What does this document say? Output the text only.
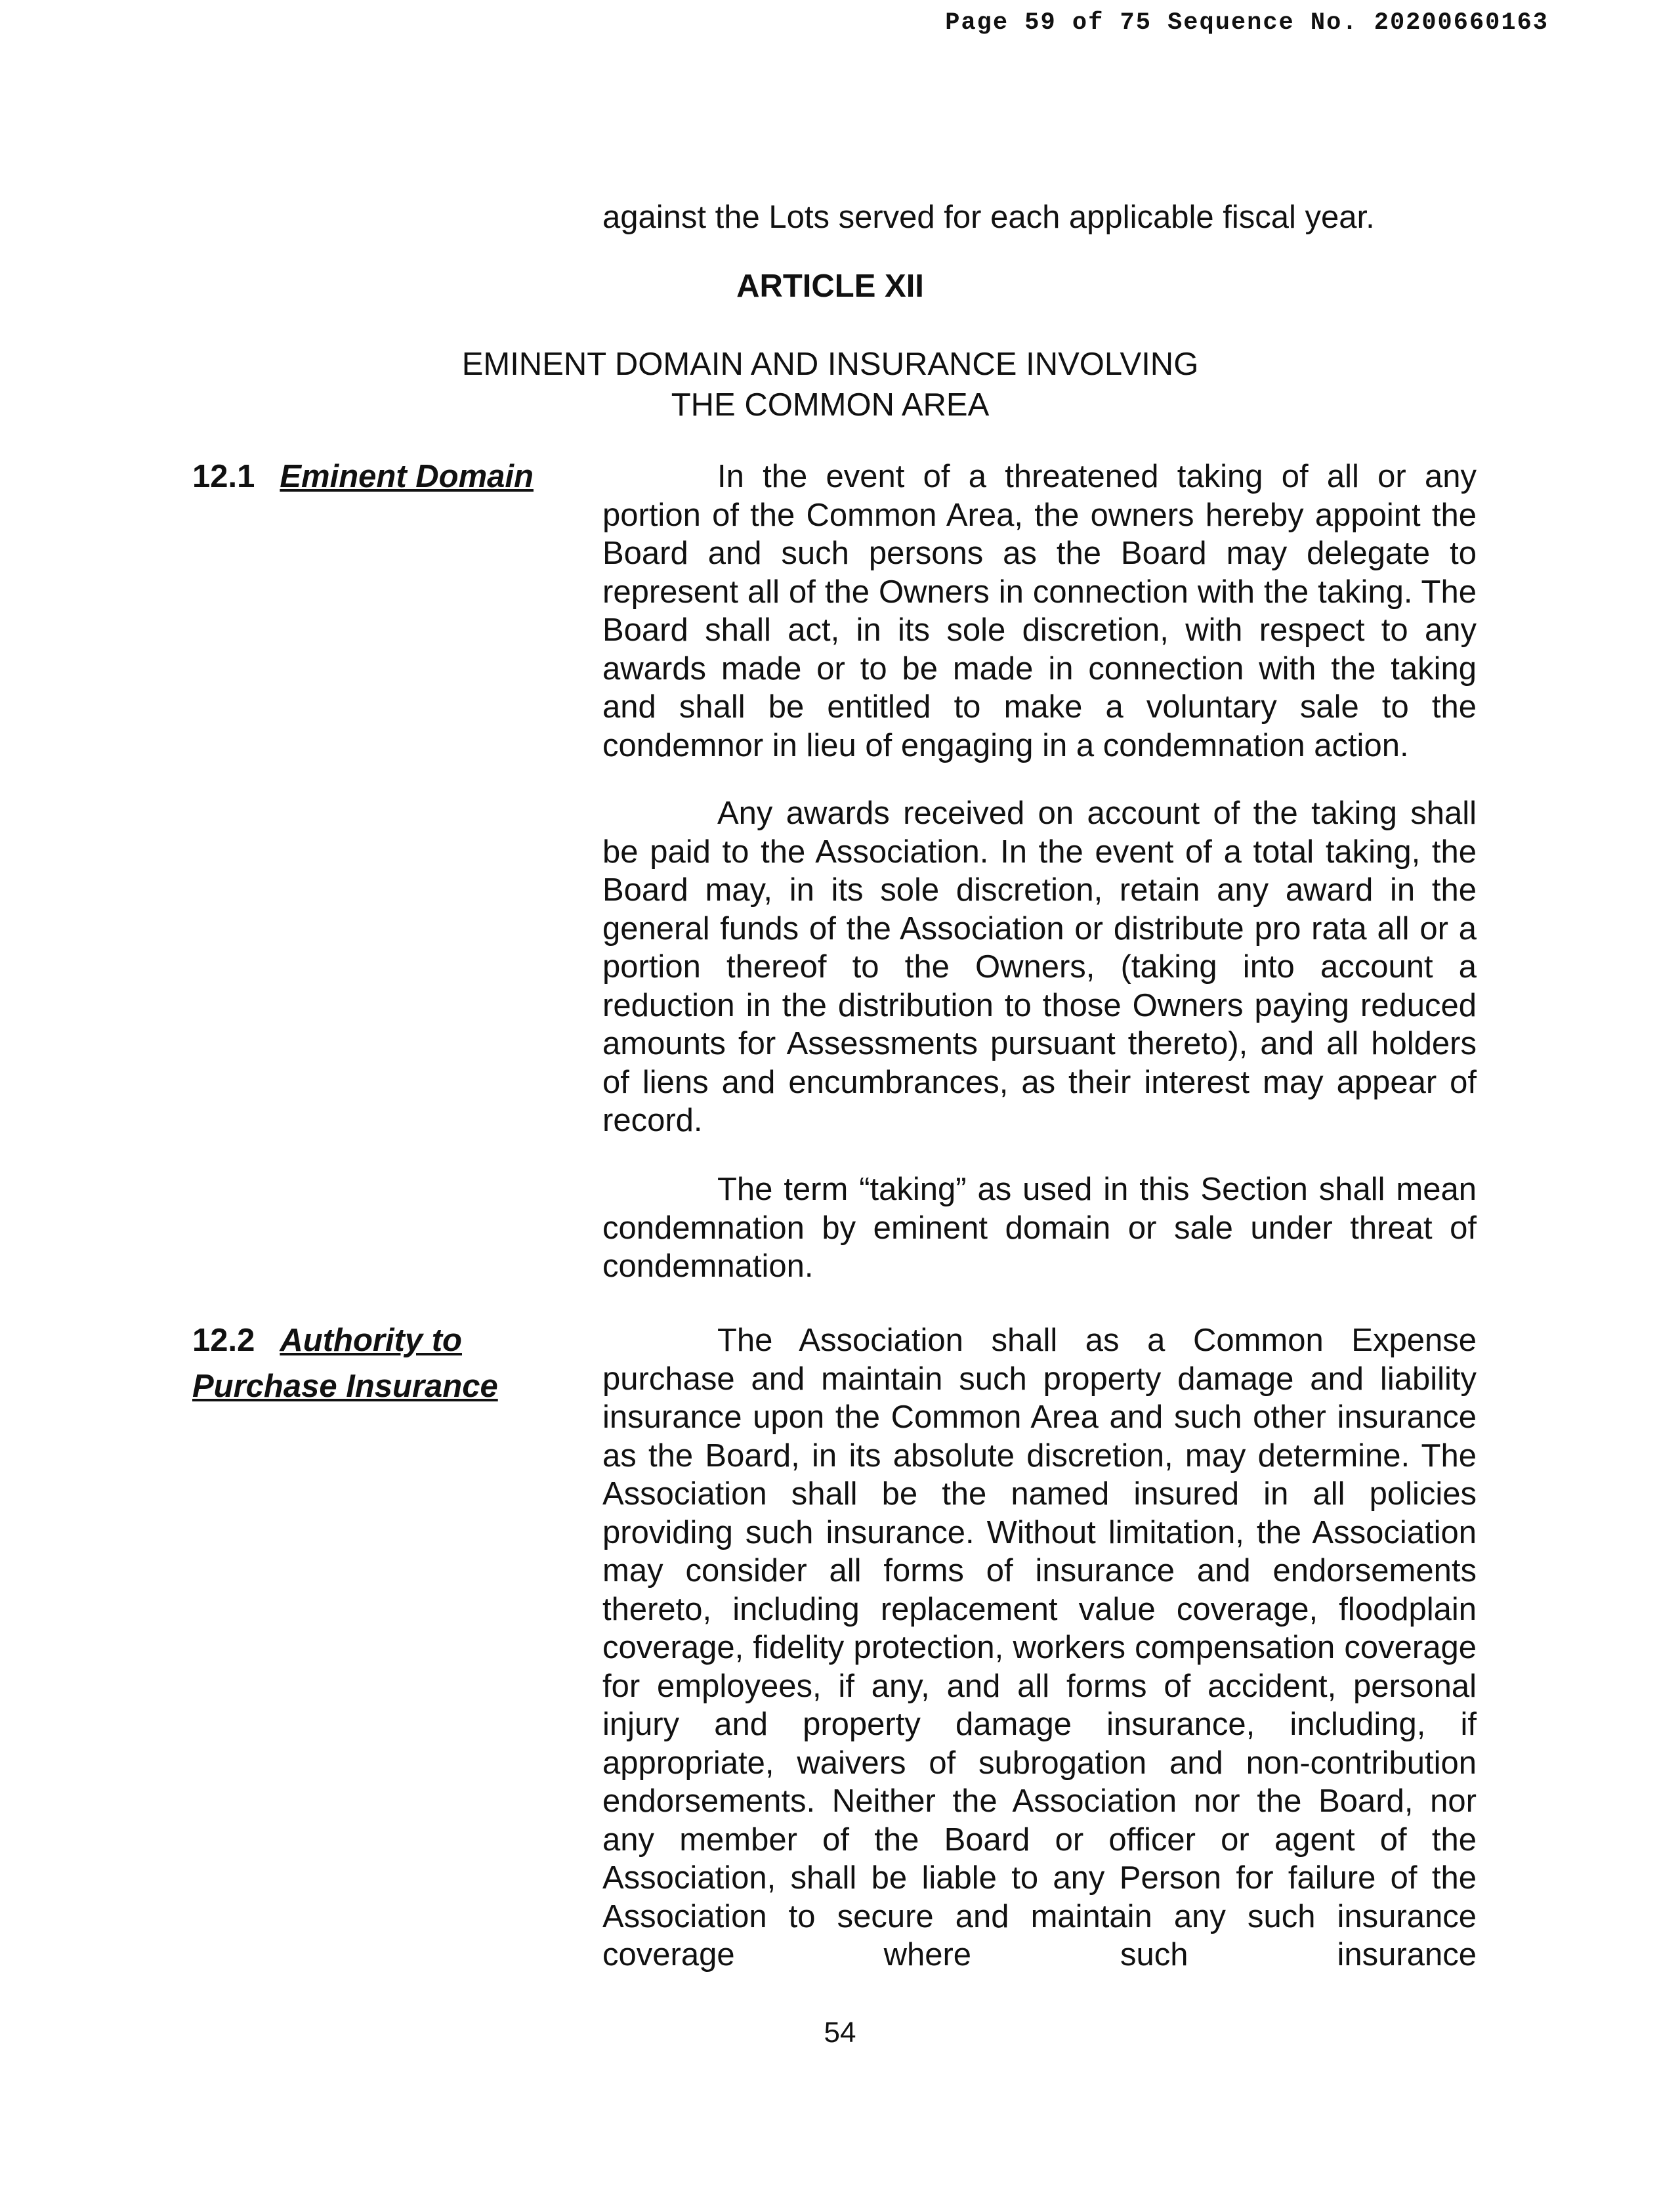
Page 59 of 75 Sequence No. 20200660163
against the Lots served for each applicable fiscal year.
ARTICLE XII
EMINENT DOMAIN AND INSURANCE INVOLVING
THE COMMON AREA
12.1 Eminent Domain	In the event of a threatened taking of all or any portion of the Common Area, the owners hereby appoint the Board and such persons as the Board may delegate to represent all of the Owners in connection with the taking. The Board shall act, in its sole discretion, with respect to any awards made or to be made in connection with the taking and shall be entitled to make a voluntary sale to the condemnor in lieu of engaging in a condemnation action.
Any awards received on account of the taking shall be paid to the Association. In the event of a total taking, the Board may, in its sole discretion, retain any award in the general funds of the Association or distribute pro rata all or a portion thereof to the Owners, (taking into account a reduction in the distribution to those Owners paying reduced amounts for Assessments pursuant thereto), and all holders of liens and encumbrances, as their interest may appear of record.
The term “taking” as used in this Section shall mean condemnation by eminent domain or sale under threat of condemnation.
12.2 Authority to
Purchase Insurance
The Association shall as a Common Expense purchase and maintain such property damage and liability insurance upon the Common Area and such other insurance as the Board, in its absolute discretion, may determine. The Association shall be the named insured in all policies providing such insurance. Without limitation, the Association may consider all forms of insurance and endorsements thereto, including replacement value coverage, floodplain coverage, fidelity protection, workers compensation coverage for employees, if any, and all forms of accident, personal injury and property damage insurance, including, if appropriate, waivers of subrogation and non-contribution endorsements. Neither the Association nor the Board, nor any member of the Board or officer or agent of the Association, shall be liable to any Person for failure of the Association to secure and maintain any such insurance coverage where such insurance
54
